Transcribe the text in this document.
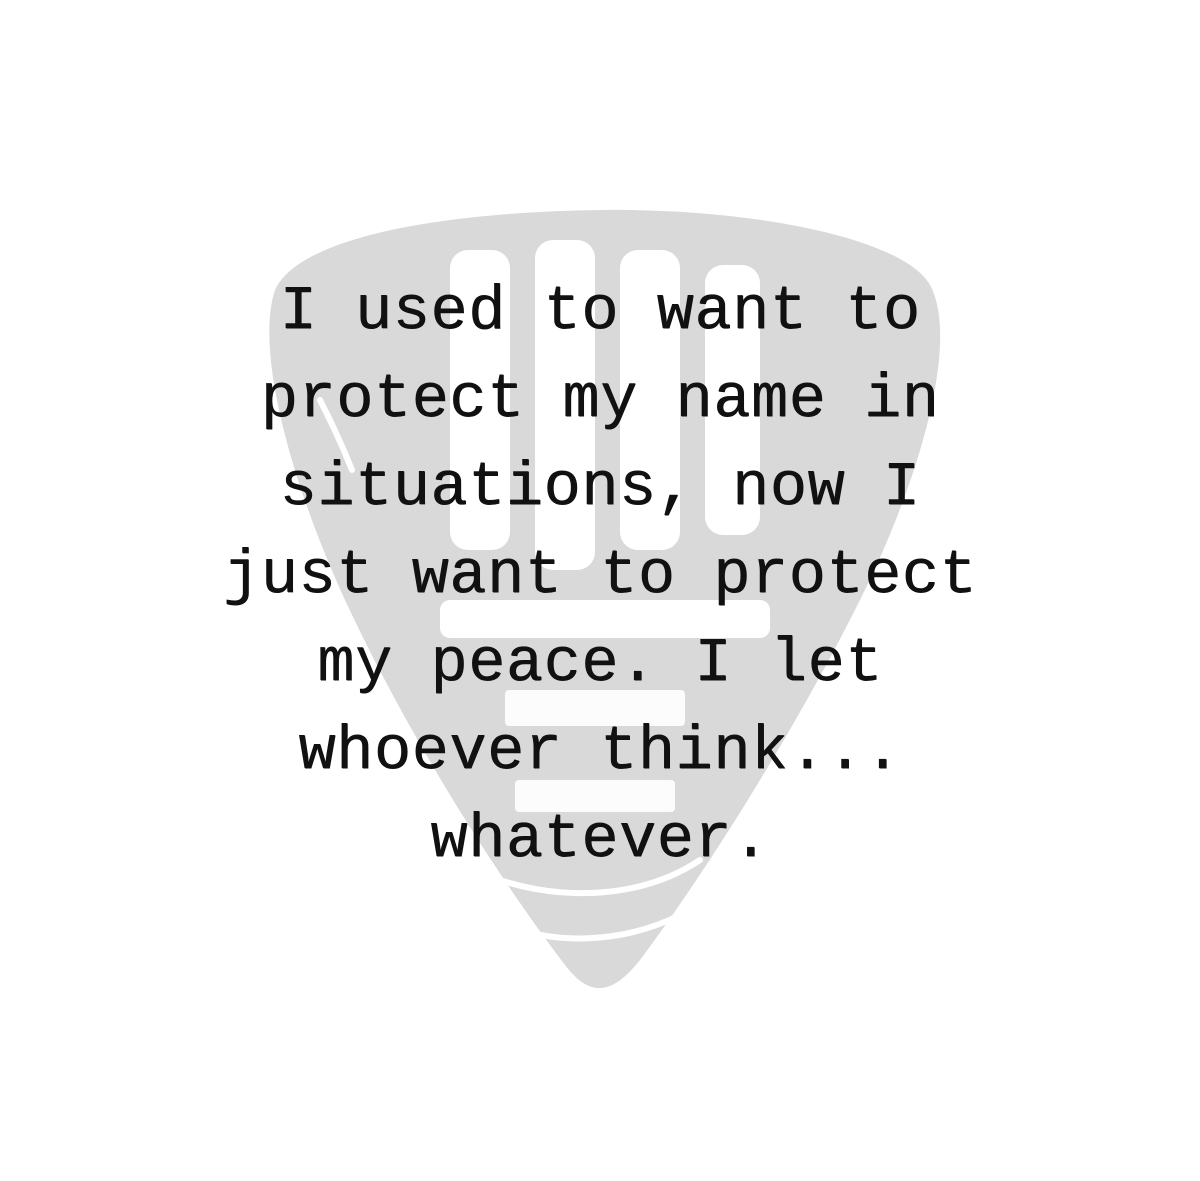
I used to want to
protect my name in
situations, now I
just want to protect
my peace. I let
whoever think...
whatever.
